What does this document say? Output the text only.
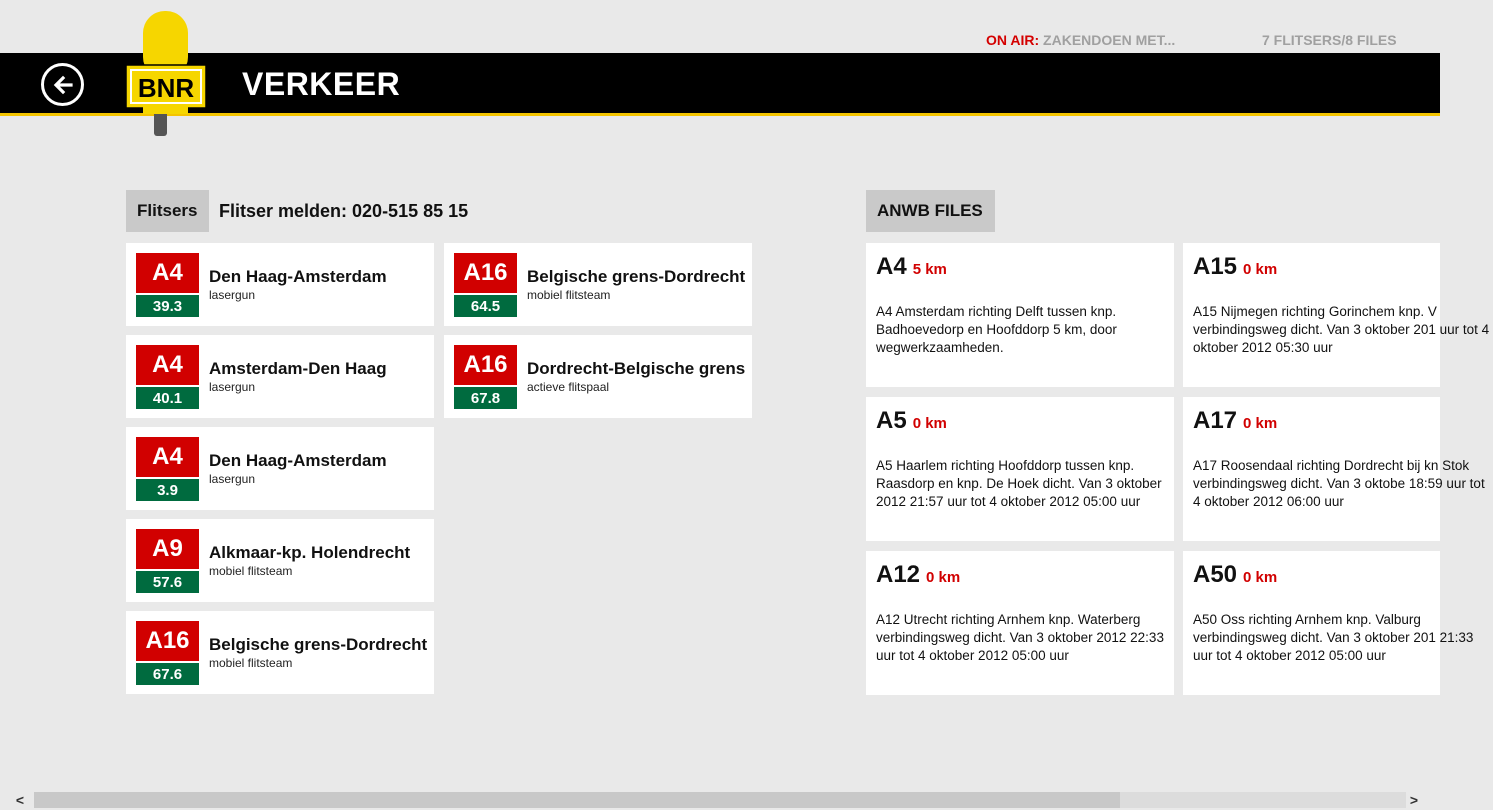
ON AIR: ZAKENDOEN MET...	7 FLITSERS/8 FILES
VERKEER
BNR
Flitsers	Flitser melden: 020-515 85 15
A4
39.3
Den Haag-Amsterdam
lasergun
A4
40.1
Amsterdam-Den Haag
lasergun
A4
3.9
Den Haag-Amsterdam
lasergun
A9
57.6
Alkmaar-kp. Holendrecht
mobiel flitsteam
A16
67.6
Belgische grens-Dordrecht
mobiel flitsteam
A16
64.5
Belgische grens-Dordrecht
mobiel flitsteam
A16
67.8
Dordrecht-Belgische grens
actieve flitspaal
ANWB FILES
A4 5 km
A4 Amsterdam richting Delft tussen knp. Badhoevedorp en Hoofddorp 5 km, door wegwerkzaamheden.
A5 0 km
A5 Haarlem richting Hoofddorp tussen knp. Raasdorp en knp. De Hoek dicht. Van 3 oktober 2012 21:57 uur tot 4 oktober 2012 05:00 uur
A12 0 km
A12 Utrecht richting Arnhem knp. Waterberg verbindingsweg dicht. Van 3 oktober 2012 22:33 uur tot 4 oktober 2012 05:00 uur
A15 0 km
A15 Nijmegen richting Gorinchem knp. V verbindingsweg dicht. Van 3 oktober 201 uur tot 4 oktober 2012 05:30 uur
A17 0 km
A17 Roosendaal richting Dordrecht bij kn Stok verbindingsweg dicht. Van 3 oktobe 18:59 uur tot 4 oktober 2012 06:00 uur
A50 0 km
A50 Oss richting Arnhem knp. Valburg verbindingsweg dicht. Van 3 oktober 201 21:33 uur tot 4 oktober 2012 05:00 uur
<	>
